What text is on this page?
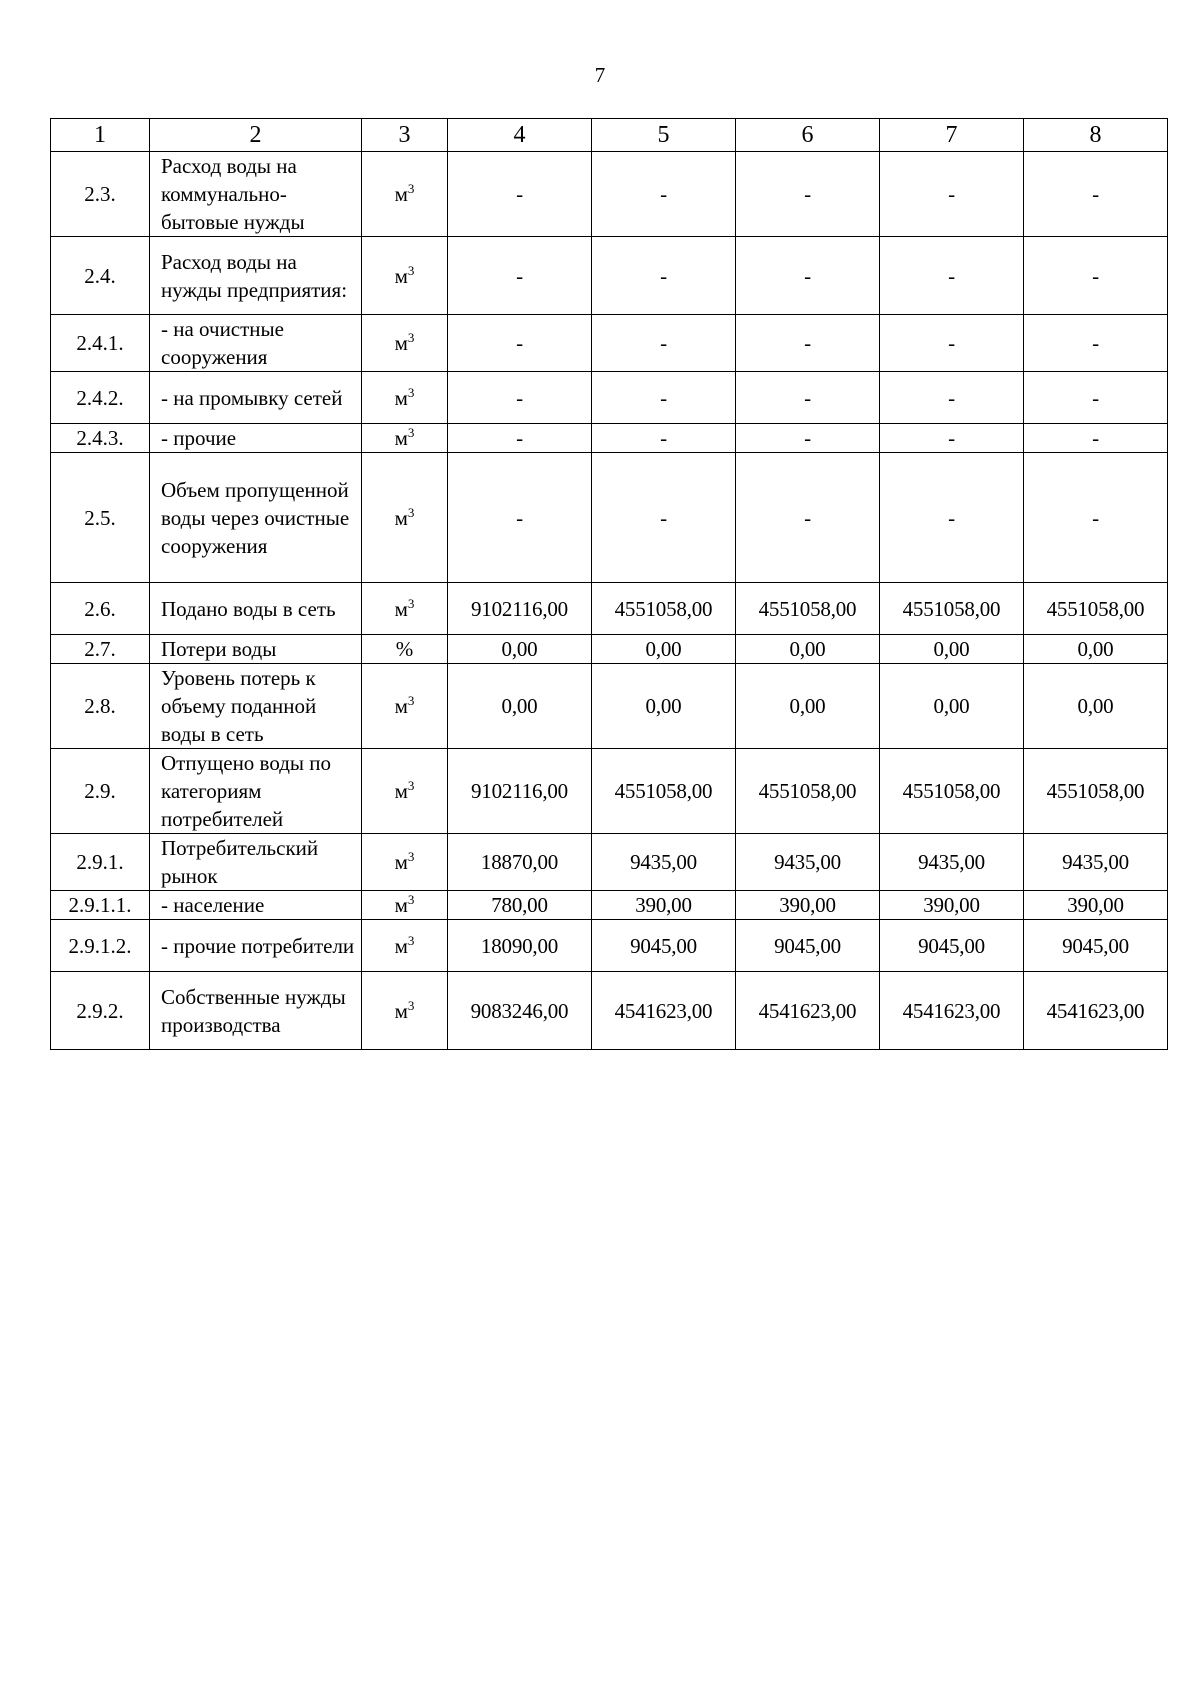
7
1	2	3	4	5	6	7	8
2.3.	Расход воды на коммунально-бытовые нужды	$м^3$	-	-	-	-	-
2.4.	Расход воды на нужды предприятия:	$м^3$	-	-	-	-	-
2.4.1.	- на очистные сооружения	$м^3$	-	-	-	-	-
2.4.2.	- на промывку сетей	$м^3$	-	-	-	-	-
2.4.3.	- прочие	$м^3$	-	-	-	-	-
2.5.	Объем пропущенной воды через очистные сооружения	$м^3$	-	-	-	-	-
2.6.	Подано воды в сеть	$м^3$	9102116,00	4551058,00	4551058,00	4551058,00	4551058,00
2.7.	Потери воды	%	0,00	0,00	0,00	0,00	0,00
2.8.	Уровень потерь к объему поданной воды в сеть	$м^3$	0,00	0,00	0,00	0,00	0,00
2.9.	Отпущено воды по категориям потребителей	$м^3$	9102116,00	4551058,00	4551058,00	4551058,00	4551058,00
2.9.1.	Потребительский рынок	$м^3$	18870,00	9435,00	9435,00	9435,00	9435,00
2.9.1.1.	- население	$м^3$	780,00	390,00	390,00	390,00	390,00
2.9.1.2.	- прочие потребители	$м^3$	18090,00	9045,00	9045,00	9045,00	9045,00
2.9.2.	Собственные нужды производства	$м^3$	9083246,00	4541623,00	4541623,00	4541623,00	4541623,00
